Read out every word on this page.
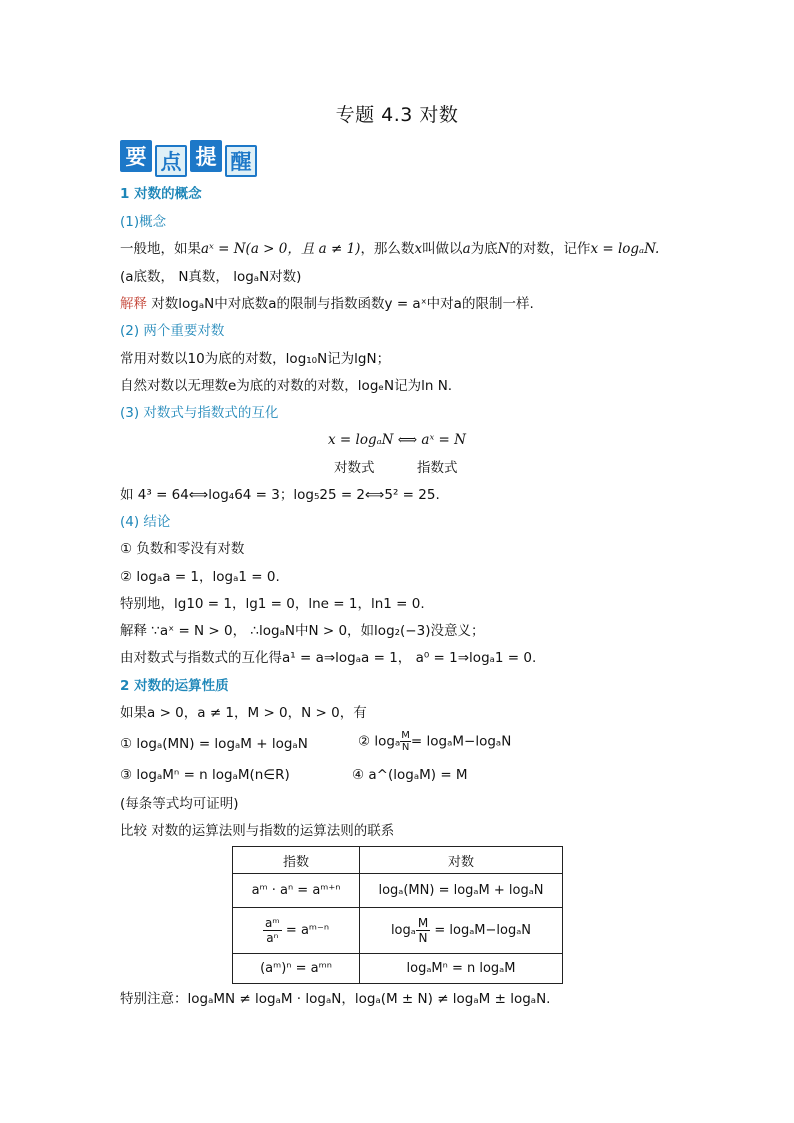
专题 4.3 对数
要 点 提 醒
1 对数的概念
(1)概念
一般地，如果aˣ = N(a > 0，且 a ≠ 1)，那么数x叫做以a为底N的对数，记作x = logₐN.
(a底数， N真数， logₐN对数)
解释 对数logₐN中对底数a的限制与指数函数y = aˣ中对a的限制一样.
(2) 两个重要对数
常用对数以10为底的对数，log₁₀N记为lgN；
自然对数以无理数e为底的对数的对数，logₑN记为ln N.
(3) 对数式与指数式的互化
x = logₐN ⟺ aˣ = N
对数式	指数式
如 4³ = 64⟺log₄64 = 3；log₅25 = 2⟺5² = 25.
(4) 结论
① 负数和零没有对数
② logₐa = 1，logₐ1 = 0.
特别地，lg10 = 1，lg1 = 0，lne = 1，ln1 = 0.
解释 ∵aˣ = N > 0， ∴logₐN中N > 0，如log₂(−3)没意义；
由对数式与指数式的互化得a¹ = a⇒logₐa = 1， a⁰ = 1⇒logₐ1 = 0.
2 对数的运算性质
如果a > 0，a ≠ 1，M > 0，N > 0，有
① logₐ(MN) = logₐM + logₐN	② logₐ $\frac{M}{N} = \log_aM-\log_aN$
③ logₐMⁿ = n logₐM(n∈R)	④ a^(logₐM) = M
(每条等式均可证明)
比较 对数的运算法则与指数的运算法则的联系
指数	对数
aᵐ · aⁿ = aᵐ⁺ⁿ	logₐ(MN) = logₐM + logₐN

$\frac{\text{aᵐ}}{\text{aⁿ}}$ = aᵐ⁻ⁿ	logₐ $\frac{M}{N} = \log_aM-\log_aN$
(aᵐ)ⁿ = aᵐⁿ	logₐMⁿ = n logₐM
特别注意：logₐMN ≠ logₐM · logₐN，logₐ(M ± N) ≠ logₐM ± logₐN.
